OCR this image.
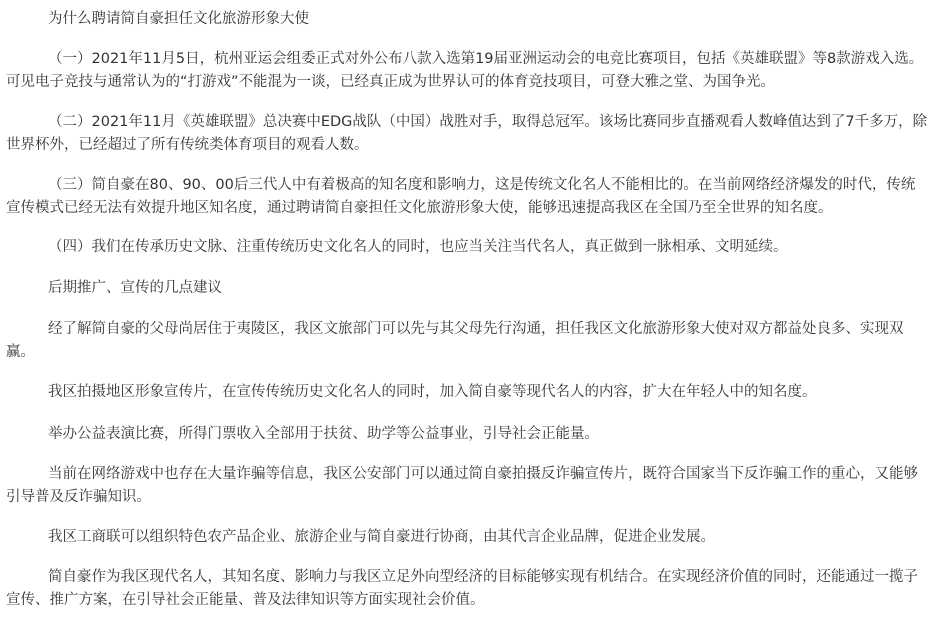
为什么聘请简自豪担任文化旅游形象大使

（一）2021年11月5日，杭州亚运会组委正式对外公布八款入选第19届亚洲运动会的电竞比赛项目，包括《英雄联盟》等8款游戏入选。可见电子竞技与通常认为的“打游戏”不能混为一谈，已经真正成为世界认可的体育竞技项目，可登大雅之堂、为国争光。

（二）2021年11月《英雄联盟》总决赛中EDG战队（中国）战胜对手，取得总冠军。该场比赛同步直播观看人数峰值达到了7千多万，除世界杯外，已经超过了所有传统类体育项目的观看人数。

（三）简自豪在80、90、00后三代人中有着极高的知名度和影响力，这是传统文化名人不能相比的。在当前网络经济爆发的时代，传统宣传模式已经无法有效提升地区知名度，通过聘请简自豪担任文化旅游形象大使，能够迅速提高我区在全国乃至全世界的知名度。

（四）我们在传承历史文脉、注重传统历史文化名人的同时，也应当关注当代名人，真正做到一脉相承、文明延续。

后期推广、宣传的几点建议

经了解简自豪的父母尚居住于夷陵区，我区文旅部门可以先与其父母先行沟通，担任我区文化旅游形象大使对双方都益处良多、实现双赢。

我区拍摄地区形象宣传片，在宣传传统历史文化名人的同时，加入简自豪等现代名人的内容，扩大在年轻人中的知名度。

举办公益表演比赛，所得门票收入全部用于扶贫、助学等公益事业，引导社会正能量。

当前在网络游戏中也存在大量诈骗等信息，我区公安部门可以通过简自豪拍摄反诈骗宣传片，既符合国家当下反诈骗工作的重心，又能够引导普及反诈骗知识。

我区工商联可以组织特色农产品企业、旅游企业与简自豪进行协商，由其代言企业品牌，促进企业发展。

简自豪作为我区现代名人，其知名度、影响力与我区立足外向型经济的目标能够实现有机结合。在实现经济价值的同时，还能通过一揽子宣传、推广方案，在引导社会正能量、普及法律知识等方面实现社会价值。
